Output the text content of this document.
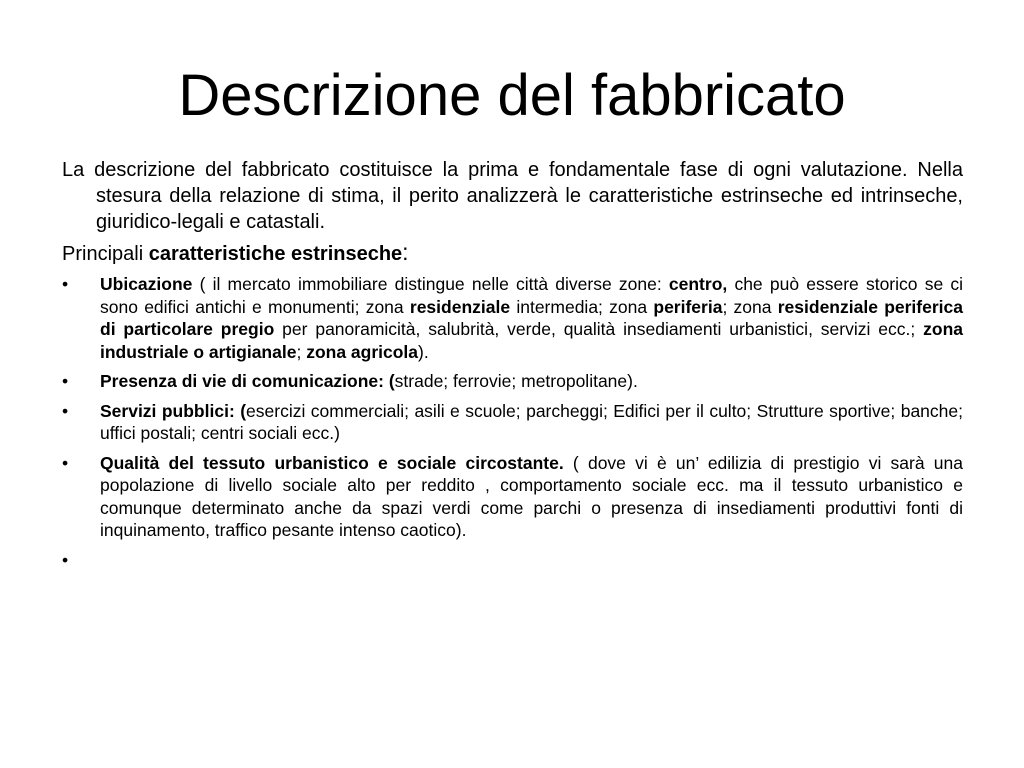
Descrizione del fabbricato

La descrizione del fabbricato costituisce la prima e fondamentale fase di ogni valutazione. Nella stesura della relazione di stima, il perito analizzerà le caratteristiche estrinseche ed intrinseche, giuridico-legali e catastali.

Principali caratteristiche estrinseche:

• Ubicazione ( il mercato immobiliare distingue nelle città diverse zone: centro, che può essere storico se ci sono edifici antichi e monumenti; zona residenziale intermedia; zona periferia; zona residenziale periferica di particolare pregio per panoramicità, salubrità, verde, qualità insediamenti urbanistici, servizi ecc.; zona industriale o artigianale; zona agricola).
• Presenza di vie di comunicazione: (strade; ferrovie; metropolitane).
• Servizi pubblici: (esercizi commerciali; asili e scuole; parcheggi; Edifici per il culto; Strutture sportive; banche; uffici postali; centri sociali ecc.)
• Qualità del tessuto urbanistico e sociale circostante. ( dove vi è un’ edilizia di prestigio vi sarà una popolazione di livello sociale alto per reddito , comportamento sociale ecc. ma il tessuto urbanistico e comunque determinato anche da spazi verdi come parchi o presenza di insediamenti produttivi fonti di inquinamento, traffico pesante intenso caotico).
•
